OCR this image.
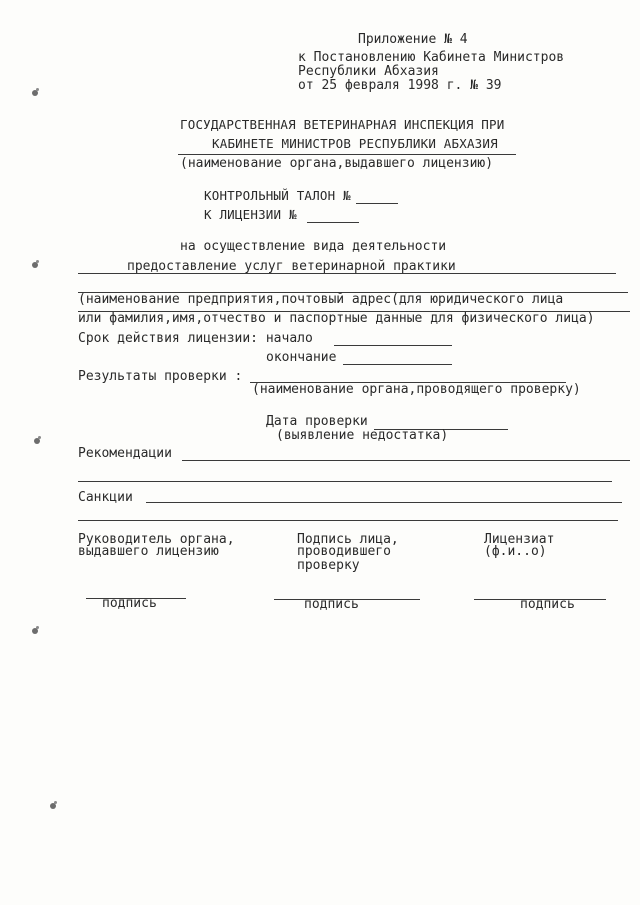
Приложение № 4
к Постановлению Кабинета Министров
Республики Абхазия
от 25 февраля 1998 г. № 39
ГОСУДАРСТВЕННАЯ ВЕТЕРИНАРНАЯ ИНСПЕКЦИЯ ПРИ
КАБИНЕТЕ МИНИСТРОВ РЕСПУБЛИКИ АБХАЗИЯ
(наименование органа,выдавшего лицензию)
КОНТРОЛЬНЫЙ ТАЛОН №
К ЛИЦЕНЗИИ №
на осуществление вида деятельности
предоставление услуг ветеринарной практики
(наименование предприятия,почтовый адрес(для юридического лица
или фамилия,имя,отчество и паспортные данные для физического лица)
Срок действия лицензии: начало
окончание
Результаты проверки :
(наименование органа,проводящего проверку)
Дата проверки
(выявление недостатка)
Рекомендации
Санкции
Руководитель органа,
выдавшего лицензию
Подпись лица,
проводившего
проверку
Лицензиат
(ф.и..о)
подпись	подпись	подпись
